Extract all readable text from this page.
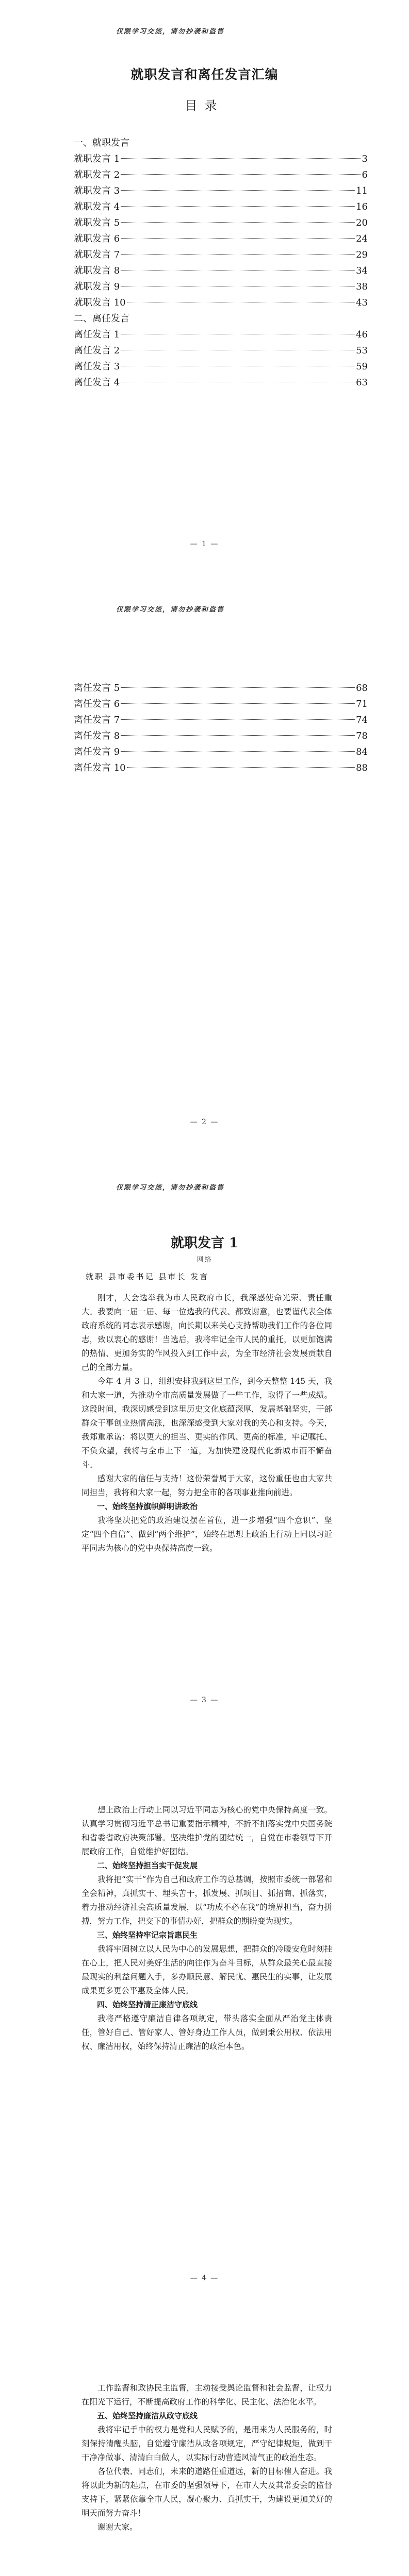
仅限学习交流，请勿抄袭和盗售
就职发言和离任发言汇编
目录
一、就职发言
就职发言 1	3
就职发言 2	6
就职发言 3	11
就职发言 4	16
就职发言 5	20
就职发言 6	24
就职发言 7	29
就职发言 8	34
就职发言 9	38
就职发言 10	43
二、离任发言
离任发言 1	46
离任发言 2	53
离任发言 3	59
离任发言 4	63
— 1 —
仅限学习交流，请勿抄袭和盗售
离任发言 5	68
离任发言 6	71
离任发言 7	74
离任发言 8	78
离任发言 9	84
离任发言 10	88
— 2 —
仅限学习交流，请勿抄袭和盗售
就职发言 1
网络
就职 县市委书记 县市长 发言

刚才，大会选举我为市人民政府市长，我深感使命光荣、责任重大。我要向一届一届、每一位选我的代表、都致谢意，也要谨代表全体政府系统的同志表示感谢，向长期以来关心支持帮助我们工作的各位同志，致以衷心的感谢！当选后，我将牢记全市人民的重托，以更加饱满的热情、更加务实的作风投入到工作中去，为全市经济社会发展贡献自己的全部力量。

今年 4 月 3 日，组织安排我到这里工作，到今天整整 145 天，我和大家一道，为推动全市高质量发展做了一些工作，取得了一些成绩。这段时间，我深切感受到这里历史文化底蕴深厚，发展基础坚实，干部群众干事创业热情高涨，也深深感受到大家对我的关心和支持。今天，我郑重承诺：将以更大的担当、更实的作风、更高的标准，牢记嘱托、不负众望，我将与全市上下一道，为加快建设现代化新城市而不懈奋斗。

感谢大家的信任与支持！这份荣誉属于大家，这份重任也由大家共同担当，我将和大家一起，努力把全市的各项事业推向前进。

一、始终坚持旗帜鲜明讲政治

我将坚决把党的政治建设摆在首位，进一步增强“四个意识”、坚定“四个自信”、做到“两个维护”，始终在思想上政治上行动上同以习近平同志为核心的党中央保持高度一致。

— 3 —

想上政治上行动上同以习近平同志为核心的党中央保持高度一致。认真学习贯彻习近平总书记重要指示精神，不折不扣落实党中央国务院和省委省政府决策部署。坚决维护党的团结统一，自觉在市委领导下开展政府工作，自觉维护好团结。

二、始终坚持担当实干促发展

我将把“实干”作为自己和政府工作的总基调，按照市委统一部署和全会精神，真抓实干、埋头苦干，抓发展、抓项目、抓招商、抓落实，着力推动经济社会高质量发展，以“功成不必在我”的境界担当，奋力拼搏，努力工作，把交下的事情办好，把群众的期盼变为现实。

三、始终坚持牢记宗旨惠民生

我将牢固树立以人民为中心的发展思想，把群众的冷暖安危时刻挂在心上，把人民对美好生活的向往作为奋斗目标，从群众最关心最直接最现实的利益问题入手，多办顺民意、解民忧、惠民生的实事，让发展成果更多更公平惠及全体人民。

四、始终坚持清正廉洁守底线

我将严格遵守廉洁自律各项规定，带头落实全面从严治党主体责任，管好自己、管好家人、管好身边工作人员，做到秉公用权、依法用权、廉洁用权，始终保持清正廉洁的政治本色。

— 4 —

工作监督和政协民主监督，主动接受舆论监督和社会监督，让权力在阳光下运行，不断提高政府工作的科学化、民主化、法治化水平。

五、始终坚持廉洁从政守底线

我将牢记手中的权力是党和人民赋予的，是用来为人民服务的，时刻保持清醒头脑，自觉遵守廉洁从政各项规定，严守纪律规矩，做到干干净净做事、清清白白做人，以实际行动营造风清气正的政治生态。

各位代表、同志们，未来的道路任重道远，新的目标催人奋进。我将以此为新的起点，在市委的坚强领导下，在市人大及其常委会的监督支持下，紧紧依靠全市人民，凝心聚力、真抓实干，为建设更加美好的明天而努力奋斗！

谢谢大家。
